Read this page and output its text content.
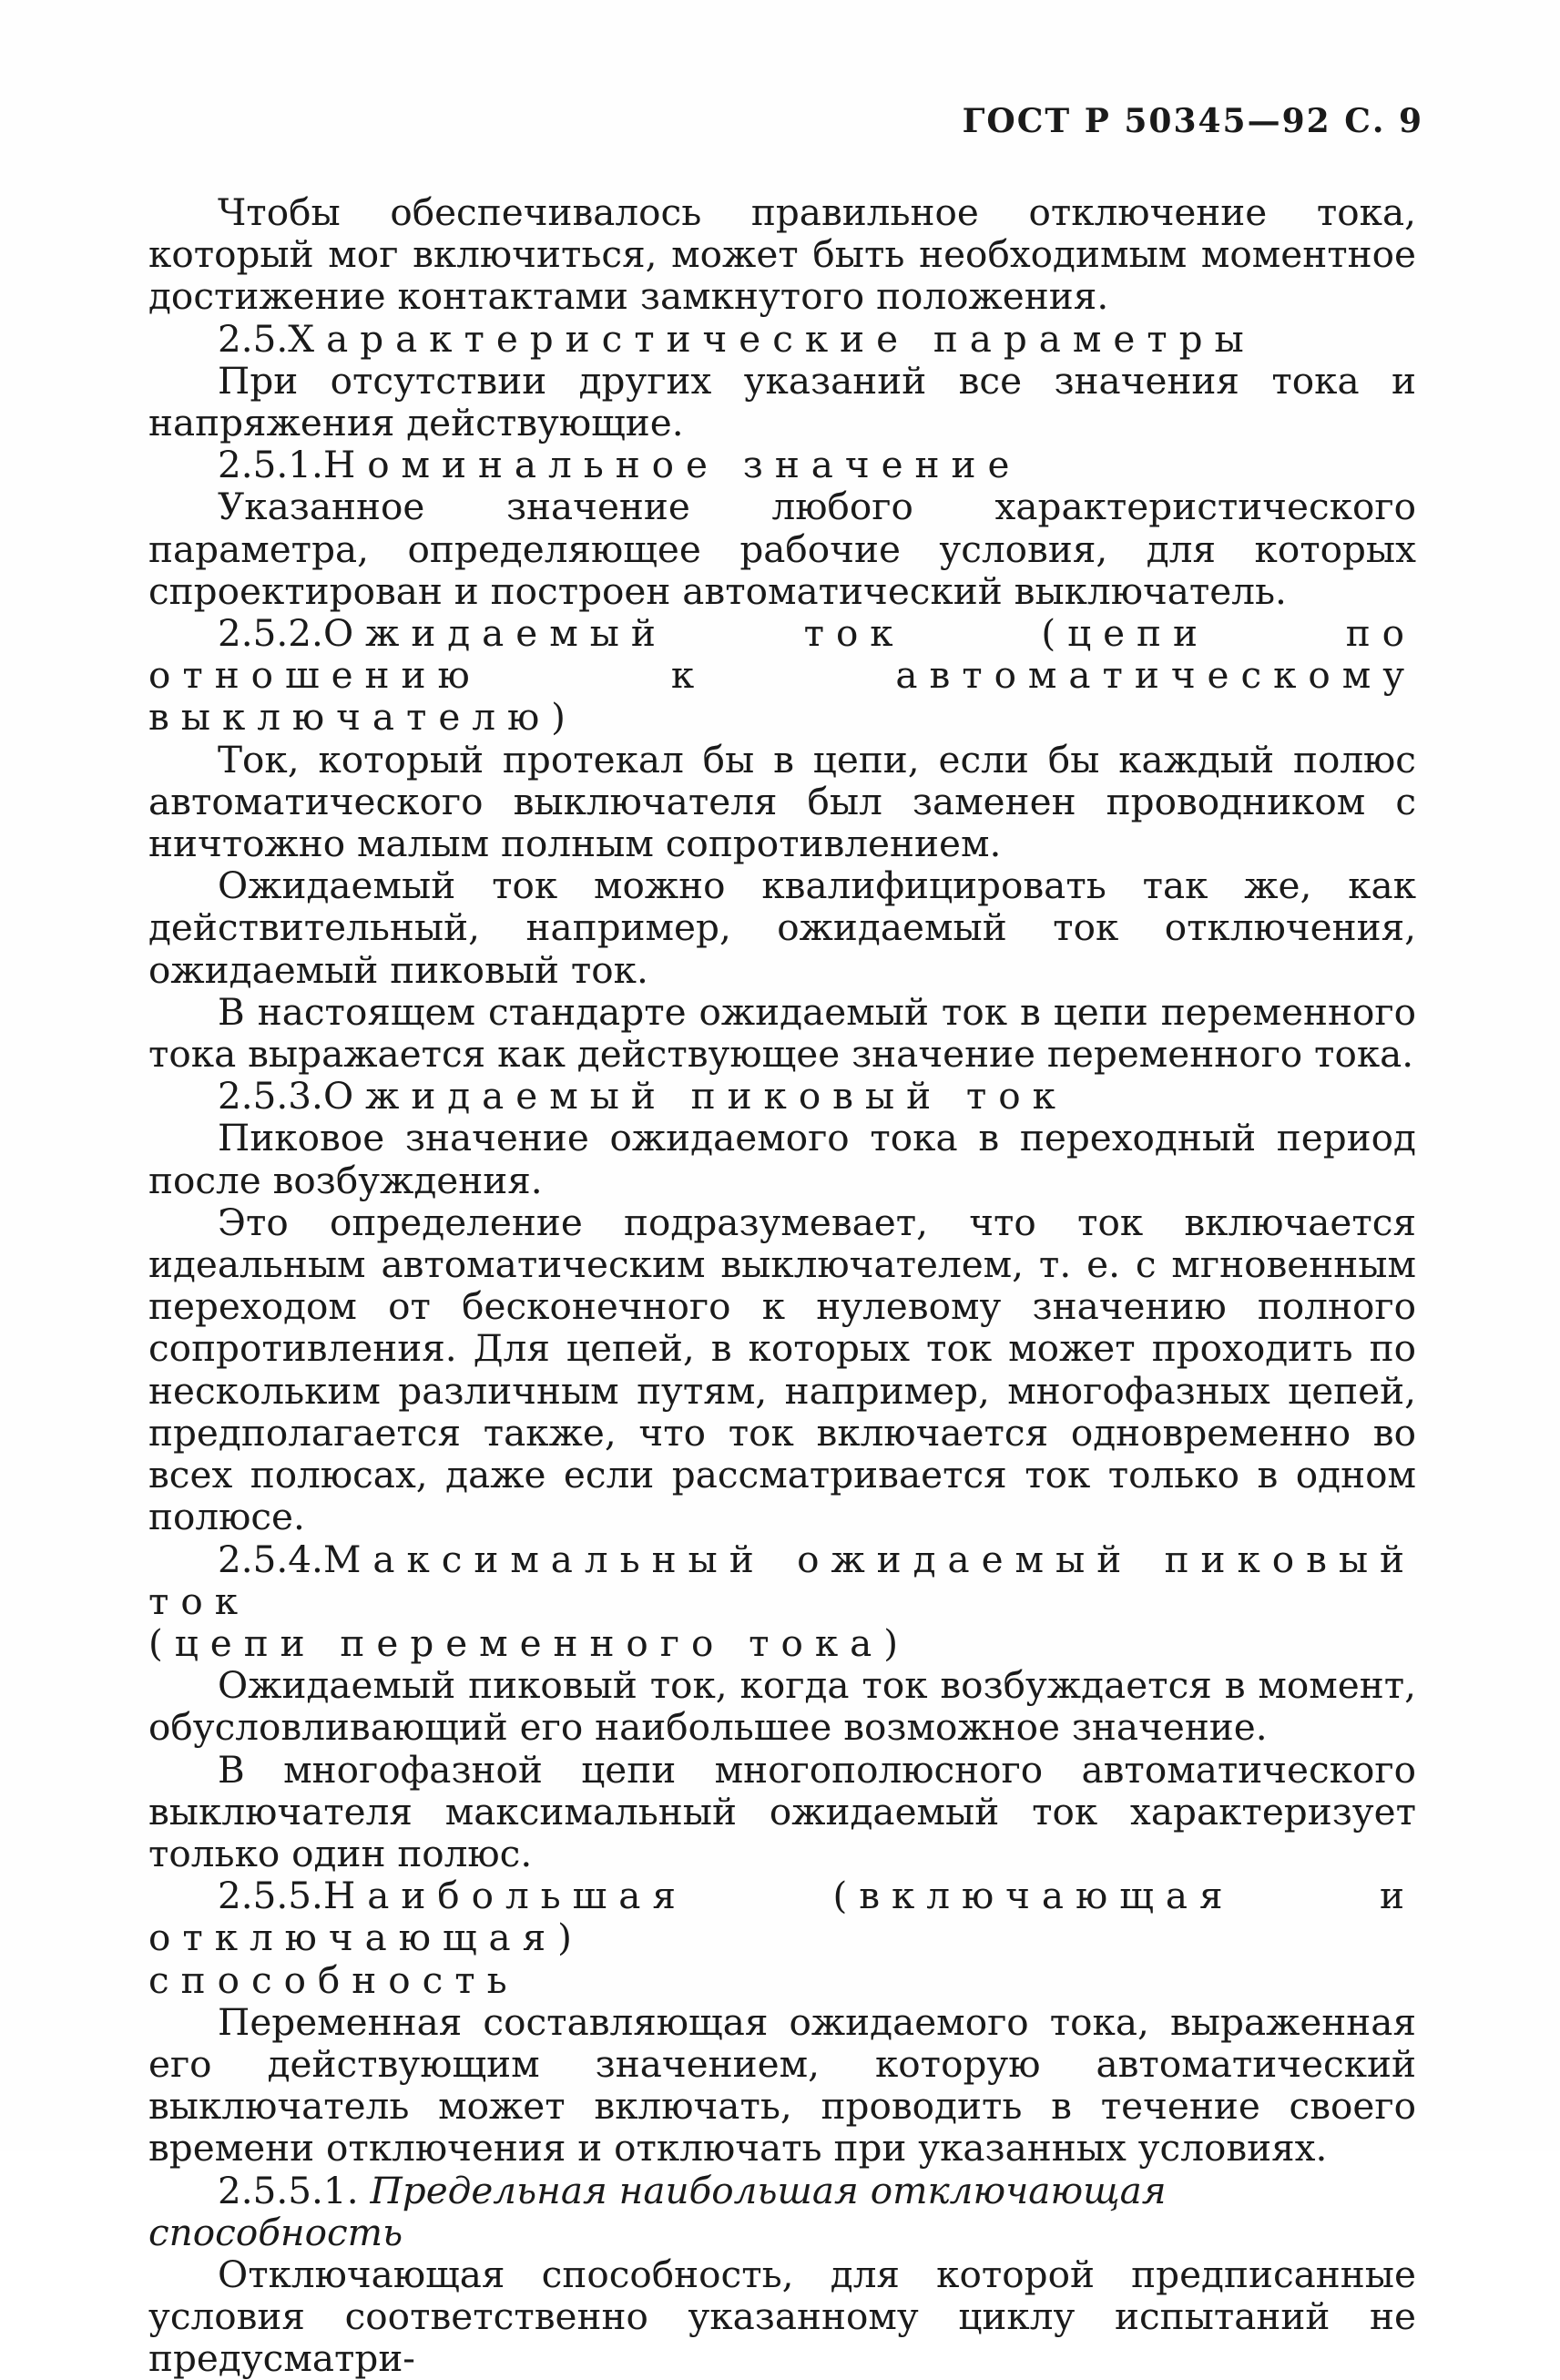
ГОСТ Р 50345—92 С. 9

Чтобы обеспечивалось правильное отключение тока, который мог включиться, может быть необходимым моментное достижение контактами замкнутого положения.

2.5.Характеристические параметры

При отсутствии других указаний все значения тока и напряжения действующие.

2.5.1.Номинальное значение

Указанное значение любого характеристического параметра, определяющее рабочие условия, для которых спроектирован и построен автоматический выключатель.

2.5.2.Ожидаемый ток (цепи по отношению к автоматическому выключателю)

Ток, который протекал бы в цепи, если бы каждый полюс автоматического выключателя был заменен проводником с ничтожно малым полным сопротивлением.

Ожидаемый ток можно квалифицировать так же, как действительный, например, ожидаемый ток отключения, ожидаемый пиковый ток.

В настоящем стандарте ожидаемый ток в цепи переменного тока выражается как действующее значение переменного тока.

2.5.3.Ожидаемый пиковый ток

Пиковое значение ожидаемого тока в переходный период после возбуждения.

Это определение подразумевает, что ток включается идеальным автоматическим выключателем, т. е. с мгновенным переходом от бесконечного к нулевому значению полного сопротивления. Для цепей, в которых ток может проходить по нескольким различным путям, например, многофазных цепей, предполагается также, что ток включается одновременно во всех полюсах, даже если рассматривается ток только в одном полюсе.

2.5.4.Максимальный ожидаемый пиковый ток

(цепи переменного тока)

Ожидаемый пиковый ток, когда ток возбуждается в момент, обусловливающий его наибольшее возможное значение.

В многофазной цепи многополюсного автоматического выключателя максимальный ожидаемый ток характеризует только один полюс.

2.5.5.Наибольшая (включающая и отключающая)

способность

Переменная составляющая ожидаемого тока, выраженная его действующим значением, которую автоматический выключатель может включать, проводить в течение своего времени отключения и отключать при указанных условиях.

2.5.5.1. Предельная наибольшая отключающая способность

Отключающая способность, для которой предписанные условия соответственно указанному циклу испытаний не предусматри-
